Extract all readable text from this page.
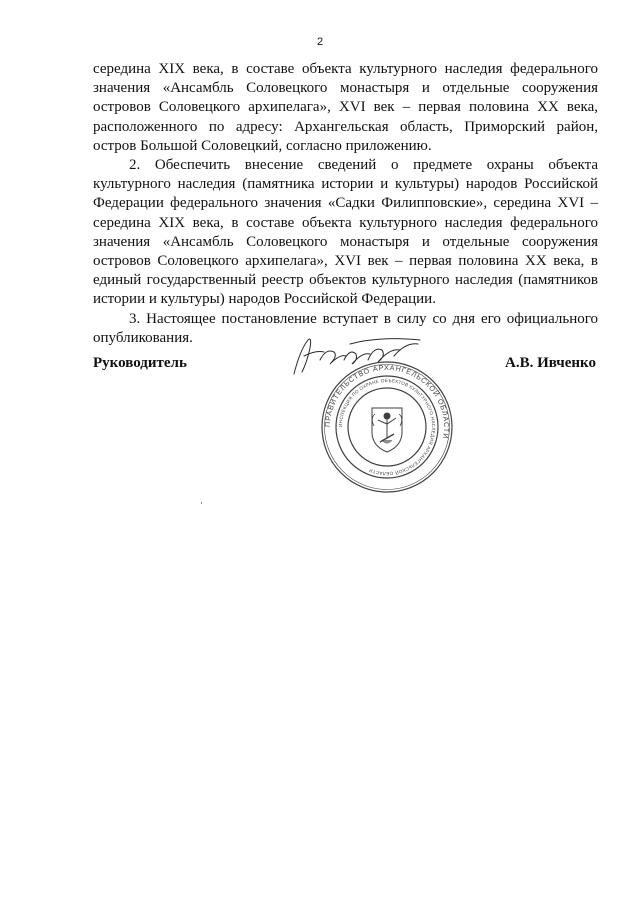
2

середина XIX века, в составе объекта культурного наследия федерального значения «Ансамбль Соловецкого монастыря и отдельные сооружения островов Соловецкого архипелага», XVI век – первая половина XX века, расположенного по адресу: Архангельская область, Приморский район, остров Большой Соловецкий, согласно приложению.

2. Обеспечить внесение сведений о предмете охраны объекта культурного наследия (памятника истории и культуры) народов Российской Федерации федерального значения «Садки Филипповские», середина XVI – середина XIX века, в составе объекта культурного наследия федерального значения «Ансамбль Соловецкого монастыря и отдельные сооружения островов Соловецкого архипелага», XVI век – первая половина XX века, в единый государственный реестр объектов культурного наследия (памятников истории и культуры) народов Российской Федерации.

3. Настоящее постановление вступает в силу со дня его официального опубликования.

Руководитель	А.В. Ивченко
ПРАВИТЕЛЬСТВО АРХАНГЕЛЬСКОЙ ОБЛАСТИ
ИНСПЕКЦИЯ ПО ОХРАНЕ ОБЪЕКТОВ КУЛЬТУРНОГО НАСЛЕДИЯ АРХАНГЕЛЬСКОЙ ОБЛАСТИ
